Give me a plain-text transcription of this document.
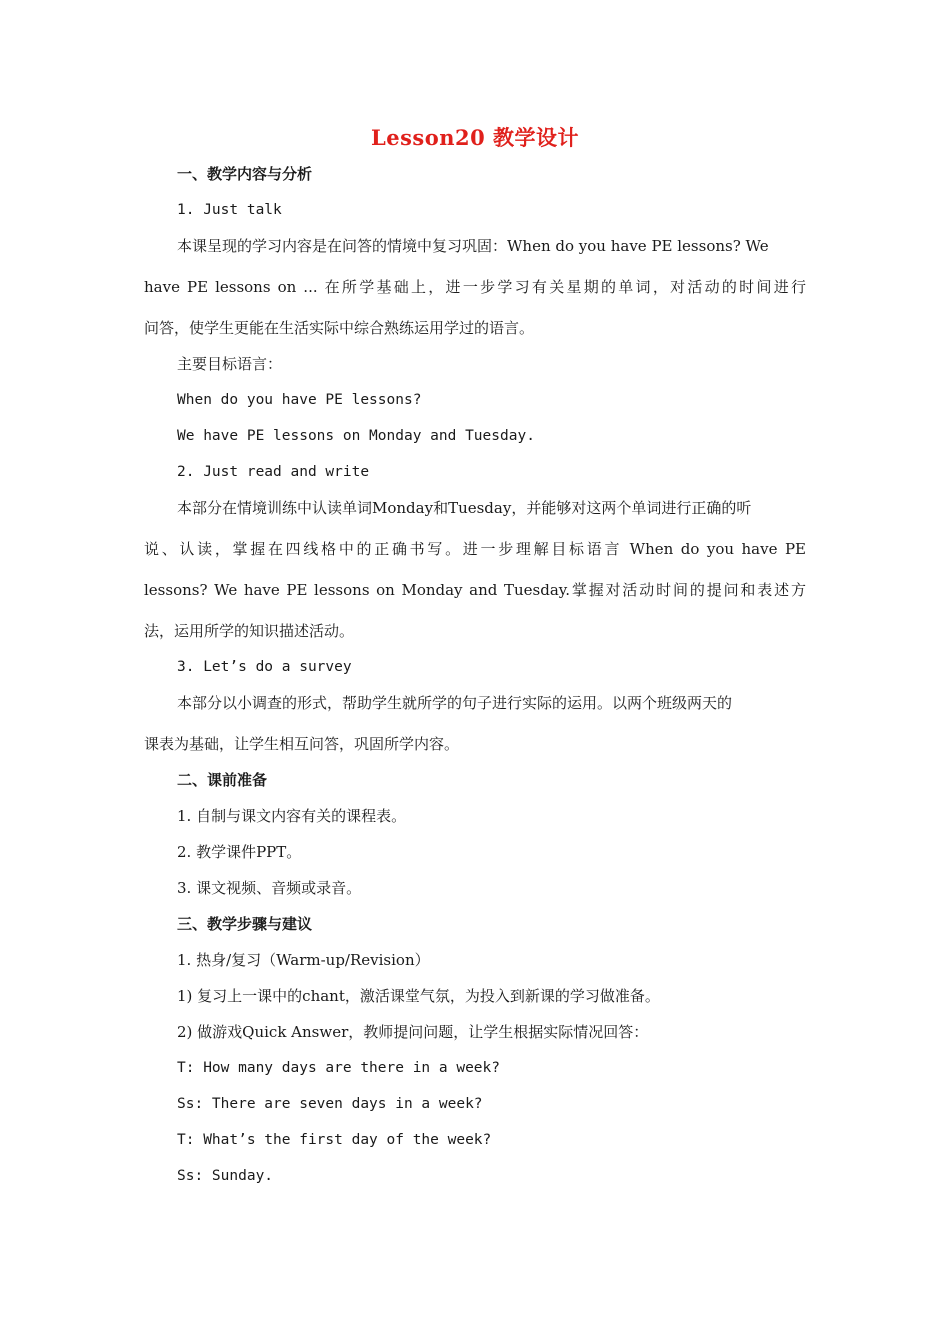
Lesson20 教学设计
一、教学内容与分析
1. Just talk
本课呈现的学习内容是在问答的情境中复习巩固：When do you have PE lessons? We
have PE lessons on ... 在所学基础上，进一步学习有关星期的单词，对活动的时间进行
问答，使学生更能在生活实际中综合熟练运用学过的语言。
主要目标语言：
When do you have PE lessons?
We have PE lessons on Monday and Tuesday.
2. Just read and write
本部分在情境训练中认读单词Monday和Tuesday，并能够对这两个单词进行正确的听
说、认读，掌握在四线格中的正确书写。进一步理解目标语言 When do you have PE
lessons? We have PE lessons on Monday and Tuesday.掌握对活动时间的提问和表述方
法，运用所学的知识描述活动。
3. Let’s do a survey
本部分以小调查的形式，帮助学生就所学的句子进行实际的运用。以两个班级两天的
课表为基础，让学生相互问答，巩固所学内容。
二、课前准备
1. 自制与课文内容有关的课程表。
2. 教学课件PPT。
3. 课文视频、音频或录音。
三、教学步骤与建议
1. 热身/复习（Warm-up/Revision）
1) 复习上一课中的chant，激活课堂气氛，为投入到新课的学习做准备。
2) 做游戏Quick Answer，教师提问问题，让学生根据实际情况回答：
T: How many days are there in a week?
Ss: There are seven days in a week?
T: What’s the first day of the week?
Ss: Sunday.
